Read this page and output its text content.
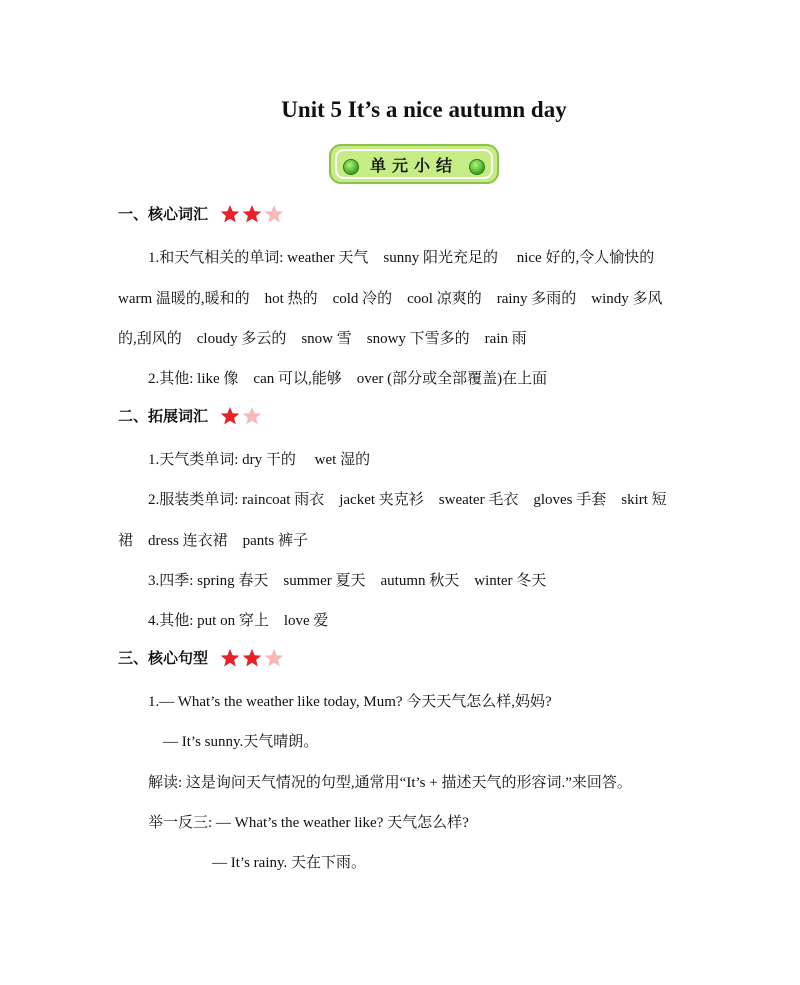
Unit 5 It’s a nice autumn day
单元小结
一、核心词汇
1.和天气相关的单词: weather 天气    sunny 阳光充足的     nice 好的,令人愉快的
warm 温暖的,暖和的    hot 热的    cold 冷的    cool 凉爽的    rainy 多雨的    windy 多风
的,刮风的    cloudy 多云的    snow 雪    snowy 下雪多的    rain 雨
2.其他: like 像    can 可以,能够    over (部分或全部覆盖)在上面
二、拓展词汇
1.天气类单词: dry 干的     wet 湿的
2.服装类单词: raincoat 雨衣    jacket 夹克衫    sweater 毛衣    gloves 手套    skirt 短
裙    dress 连衣裙    pants 裤子
3.四季: spring 春天    summer 夏天    autumn 秋天    winter 冬天
4.其他: put on 穿上    love 爱
三、核心句型
1.— What’s the weather like today, Mum? 今天天气怎么样,妈妈?
— It’s sunny.天气晴朗。
解读: 这是询问天气情况的句型,通常用“It’s + 描述天气的形容词.”来回答。
举一反三: — What’s the weather like? 天气怎么样?
— It’s rainy. 天在下雨。
